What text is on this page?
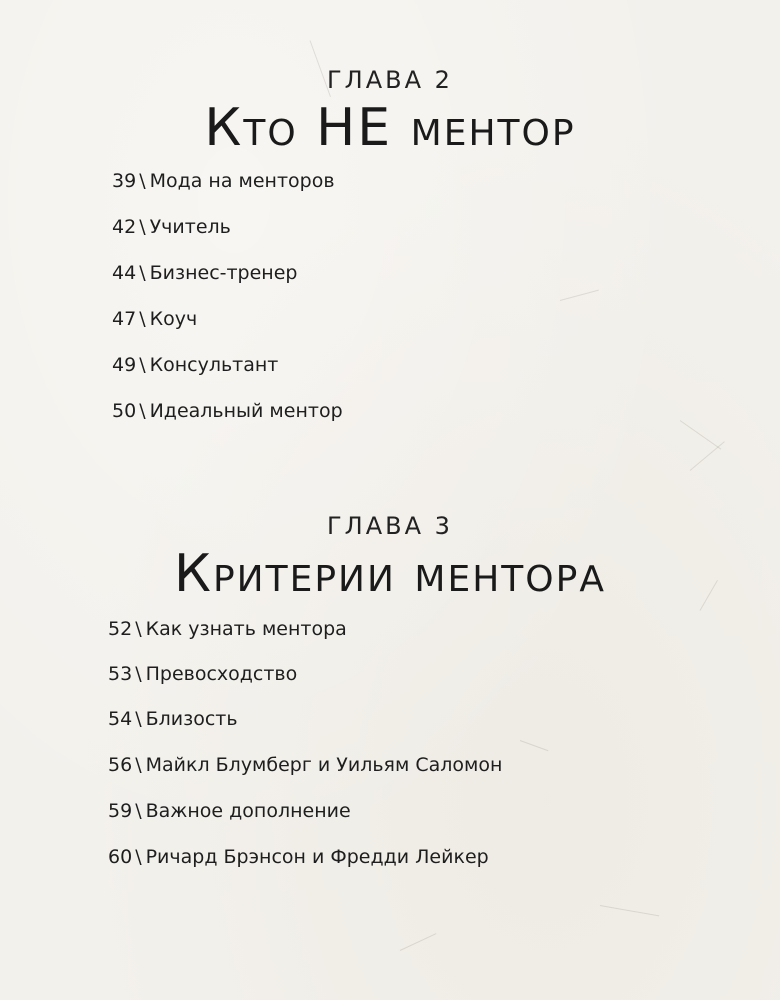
ГЛАВА 2
Кто НЕ ментор
39 \ Мода на менторов
42 \ Учитель
44 \ Бизнес-тренер
47 \ Коуч
49 \ Консультант
50 \ Идеальный ментор
ГЛАВА 3
Критерии ментора
52 \ Как узнать ментора
53 \ Превосходство
54 \ Близость
56 \ Майкл Блумберг и Уильям Саломон
59 \ Важное дополнение
60 \ Ричард Брэнсон и Фредди Лейкер
